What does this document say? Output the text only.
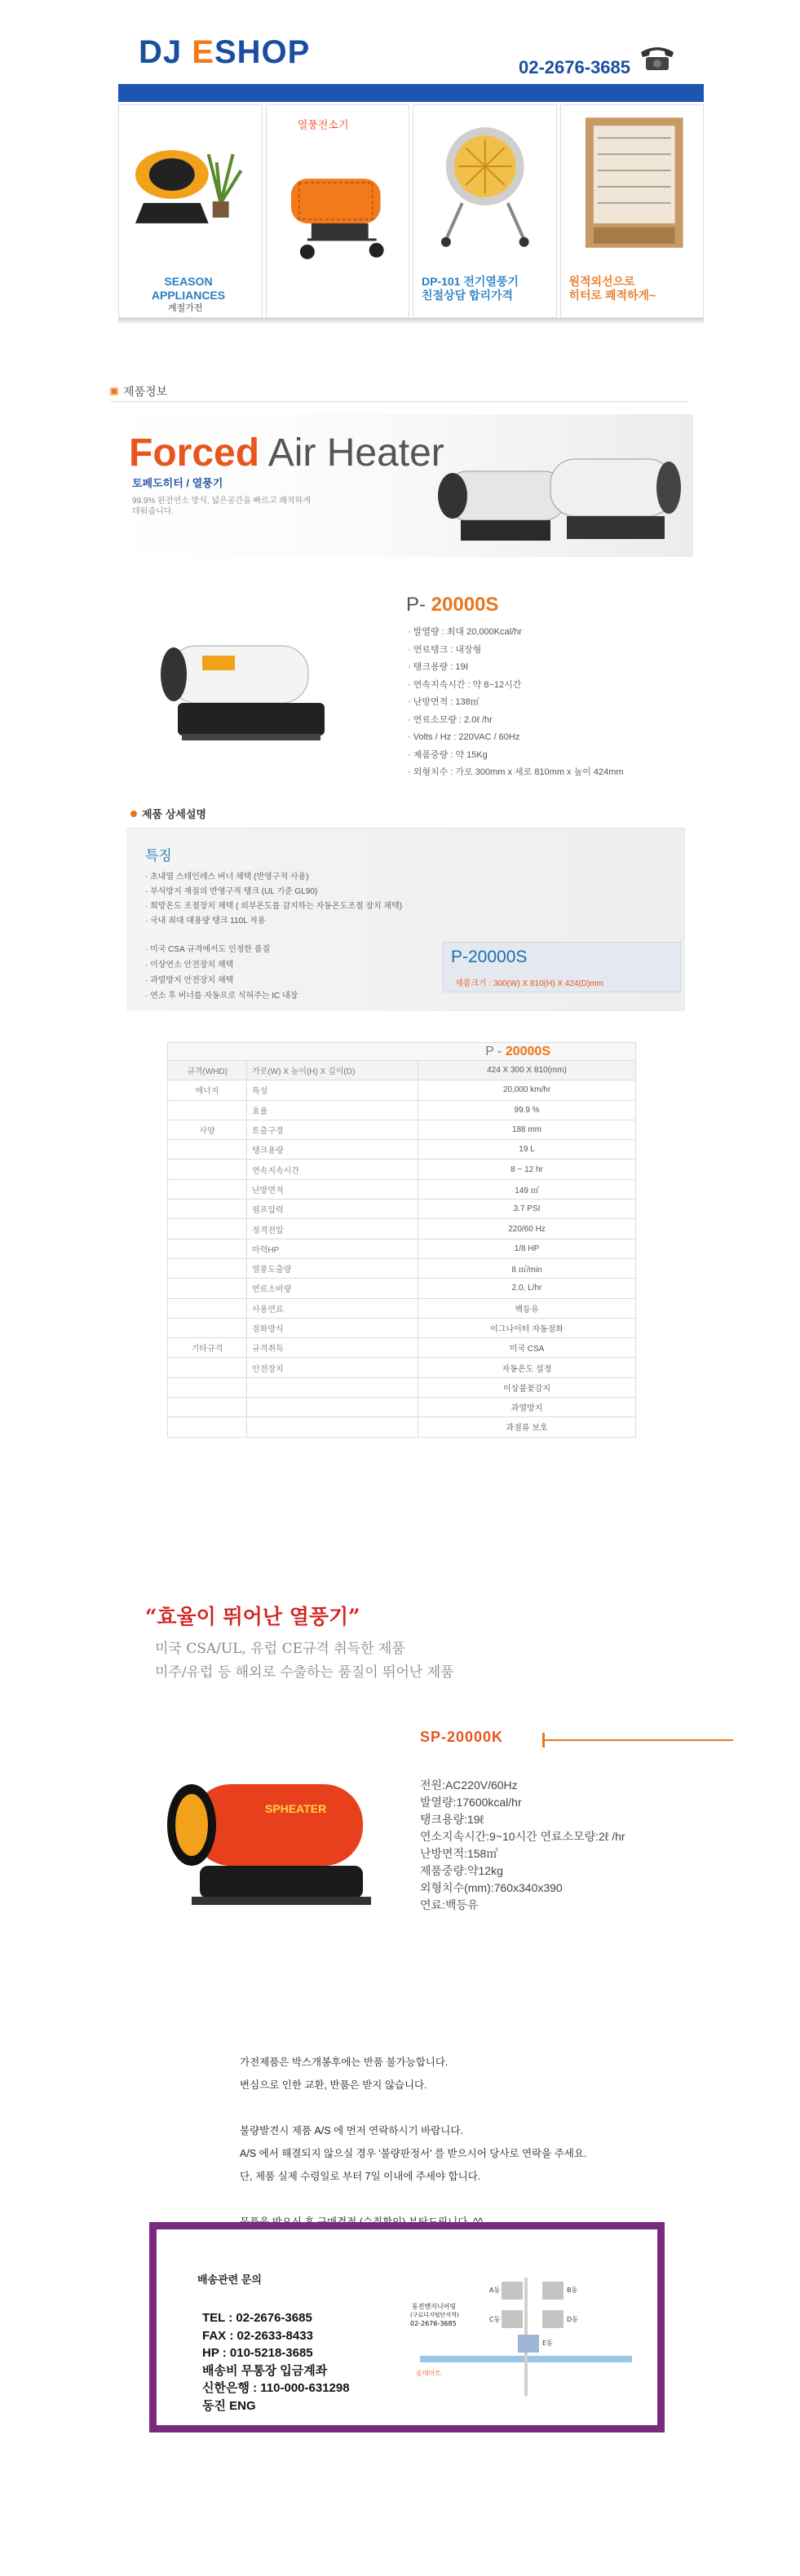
DJ ESHOP	02-2676-3685
SEASON
APPLIANCES
계절가전
열풍전소기
DP-101 전기열풍기
친절상담 합리가격
원적외선으로
히터로 쾌적하게~
제품정보
Forced Air Heater
토페도히터 / 열풍기
99.9% 완전연소 방식, 넓은공간을 빠르고 쾌적하게 데워줍니다.
P- 20000S
· 발열량 : 최대 20,000Kcal/hr
· 연료탱크 : 내장형
· 탱크용량 : 19ℓ
· 연속지속시간 : 약 8~12시간
· 난방면적 : 138㎡
· 연료소모량 : 2.0ℓ /hr
· Volts / Hz : 220VAC / 60Hz
· 제품중량 : 약 15Kg
· 외형치수 : 가로 300mm x 세로 810mm x 높이 424mm
제품 상세설명
특징
· 초내열 스테인레스 버너 채택 (반영구적 사용)
· 부식방지 재질의 반영구적 탱크 (UL 기준 GL90)
· 희망온도 조절장치 채택 ( 외부온도를 감지하는 자동온도조절 장치 채택)
· 국내 최대 대용량 탱크 110L 적용
· 미국 CSA 규격에서도 인정한 품질
· 이상연소 안전장치 채택
· 과열방지 안전장치 채택
· 연소 후 버너를 자동으로 식혀주는 IC 내장
P-20000S
제품크기 : 300(W) X 810(H) X 424(D)mm
P - 20000S		
규격(WHD)	가로(W) X 높이(H) X 길이(D)	424 X 300 X 810(mm)
에너지	특성	20,000 km/hr
	효율	99.9 %
사양	토출구경	188 mm
	탱크용량	19 L
	연속지속시간	8 ~ 12 hr
	난방면적	149 ㎡
	펌프압력	3.7 PSI
	정격전압	220/60 Hz
	마력HP	1/8 HP
	열풍도출량	8 ㎥/min
	연료소비량	2.0, L/hr
	사용연료	백등유
	점화방식	이그나이터 자동점화
기타규격	규격취득	미국 CSA
	안전장치	자동온도 설정
		이상불꽃감지
		과열방지
		과점류 보호
“효율이 뛰어난 열풍기”
미국 CSA/UL, 유럽 CE규격 취득한 제품
미주/유럽 등 해외로 수출하는 품질이 뛰어난 제품
SP-20000K
SPHEATER
전원:AC220V/60Hz
발열량:17600kcal/hr
탱크용량:19ℓ
연소지속시간:9~10시간 연료소모량:2ℓ /hr
난방면적:158㎡
제품중량:약12kg
외형치수(mm):760x340x390
연료:백등유

가전제품은 박스개봉후에는 반품 불가능합니다.

변심으로 인한 교환, 반품은 받지 않습니다.

불량발견시 제품 A/S 에 먼저 연락하시기 바랍니다.

A/S 에서 해결되지 않으실 경우 '불량판정서' 를 받으시어 당사로 연락을 주세요.

단, 제품 실제 수령일로 부터 7일 이내에 주세야 합니다.

배송관련 문의
TEL : 02-2676-3685
FAX : 02-2633-8433
HP : 010-5218-3685
배송비 무통장 입금계좌
신한은행 : 110-000-631298
동진 ENG
A동	B동
C동	D동
E동
동진엔지니어링
(구로디지털단지역)
02-2676-3685
롯데마트
